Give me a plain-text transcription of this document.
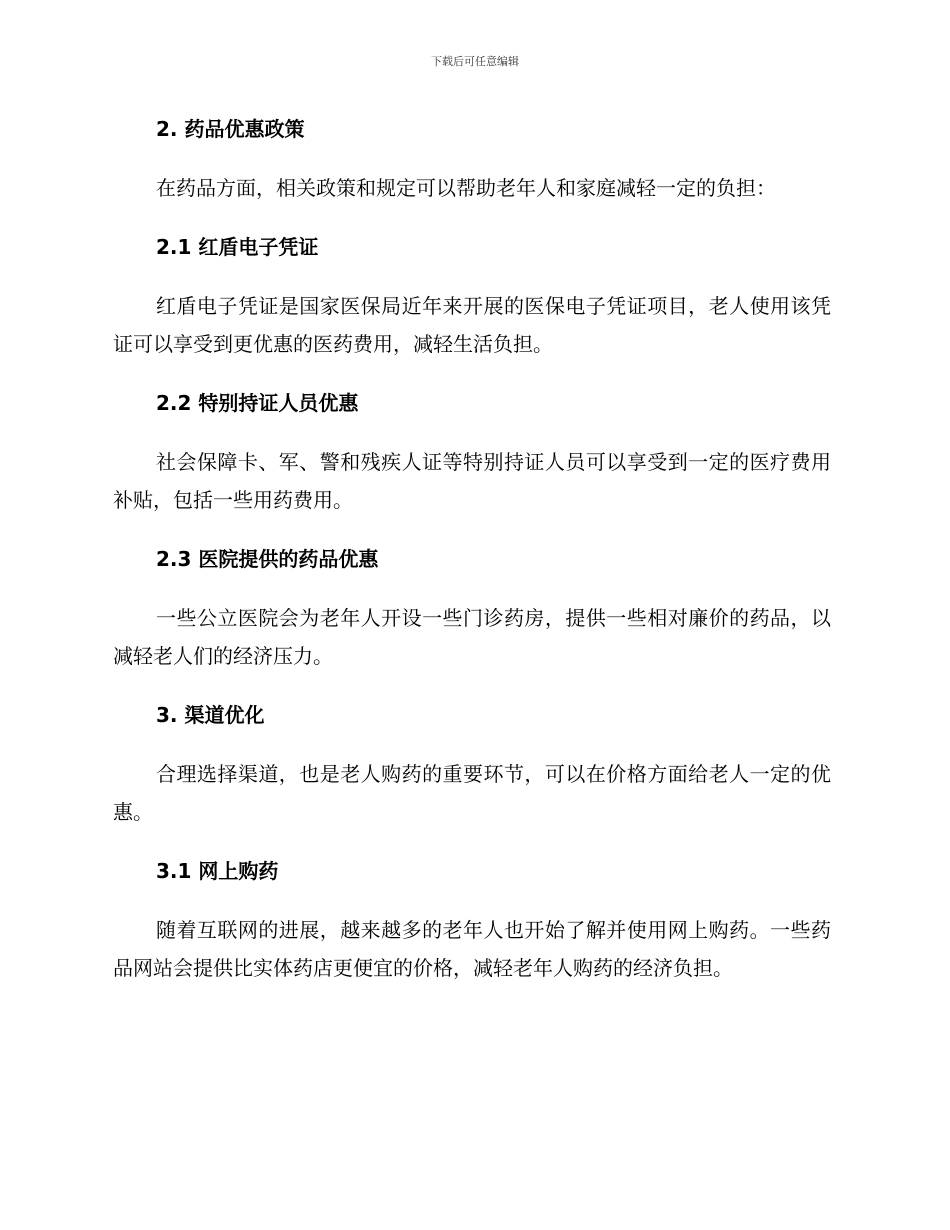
下载后可任意编辑
2. 药品优惠政策

在药品方面，相关政策和规定可以帮助老年人和家庭减轻一定的负担：

2.1 红盾电子凭证

红盾电子凭证是国家医保局近年来开展的医保电子凭证项目，老人使用该凭证可以享受到更优惠的医药费用，减轻生活负担。

2.2 特别持证人员优惠

社会保障卡、军、警和残疾人证等特别持证人员可以享受到一定的医疗费用补贴，包括一些用药费用。

2.3 医院提供的药品优惠

一些公立医院会为老年人开设一些门诊药房，提供一些相对廉价的药品，以减轻老人们的经济压力。

3. 渠道优化

合理选择渠道，也是老人购药的重要环节，可以在价格方面给老人一定的优惠。

3.1 网上购药

随着互联网的进展，越来越多的老年人也开始了解并使用网上购药。一些药品网站会提供比实体药店更便宜的价格，减轻老年人购药的经济负担。
